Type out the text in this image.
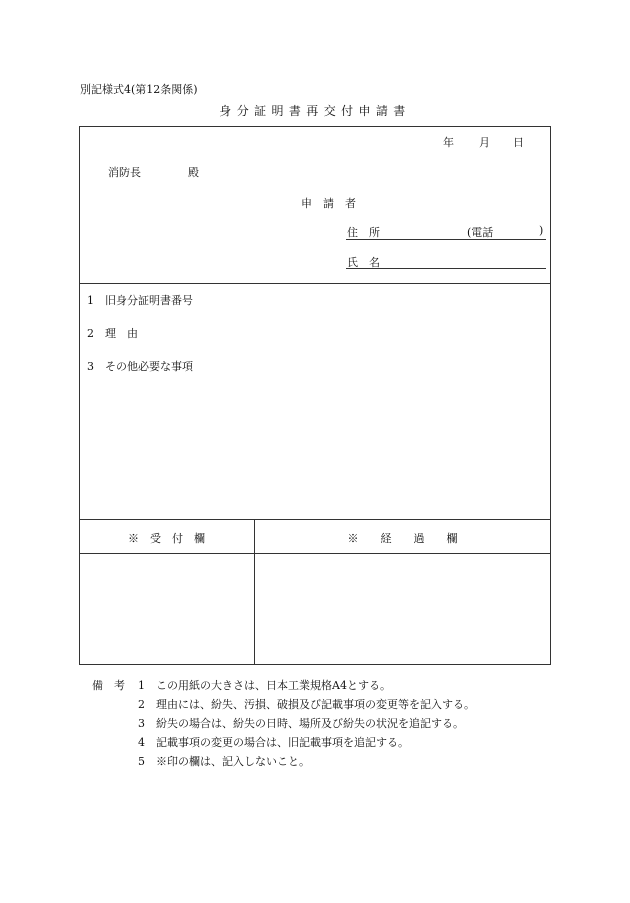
別記様式4(第12条関係)
身分証明書再交付申請書
年 月 日
消防長	殿
申　請　者
住　所	(電話	)
氏　名
1　旧身分証明書番号
2　理　由
3　その他必要な事項
※　受　付　欄	※　　経　　過　　欄
備　考 1　この用紙の大きさは、日本工業規格A4とする。
2　理由には、紛失、汚損、破損及び記載事項の変更等を記入する。
3　紛失の場合は、紛失の日時、場所及び紛失の状況を追記する。
4　記載事項の変更の場合は、旧記載事項を追記する。
5　※印の欄は、記入しないこと。
